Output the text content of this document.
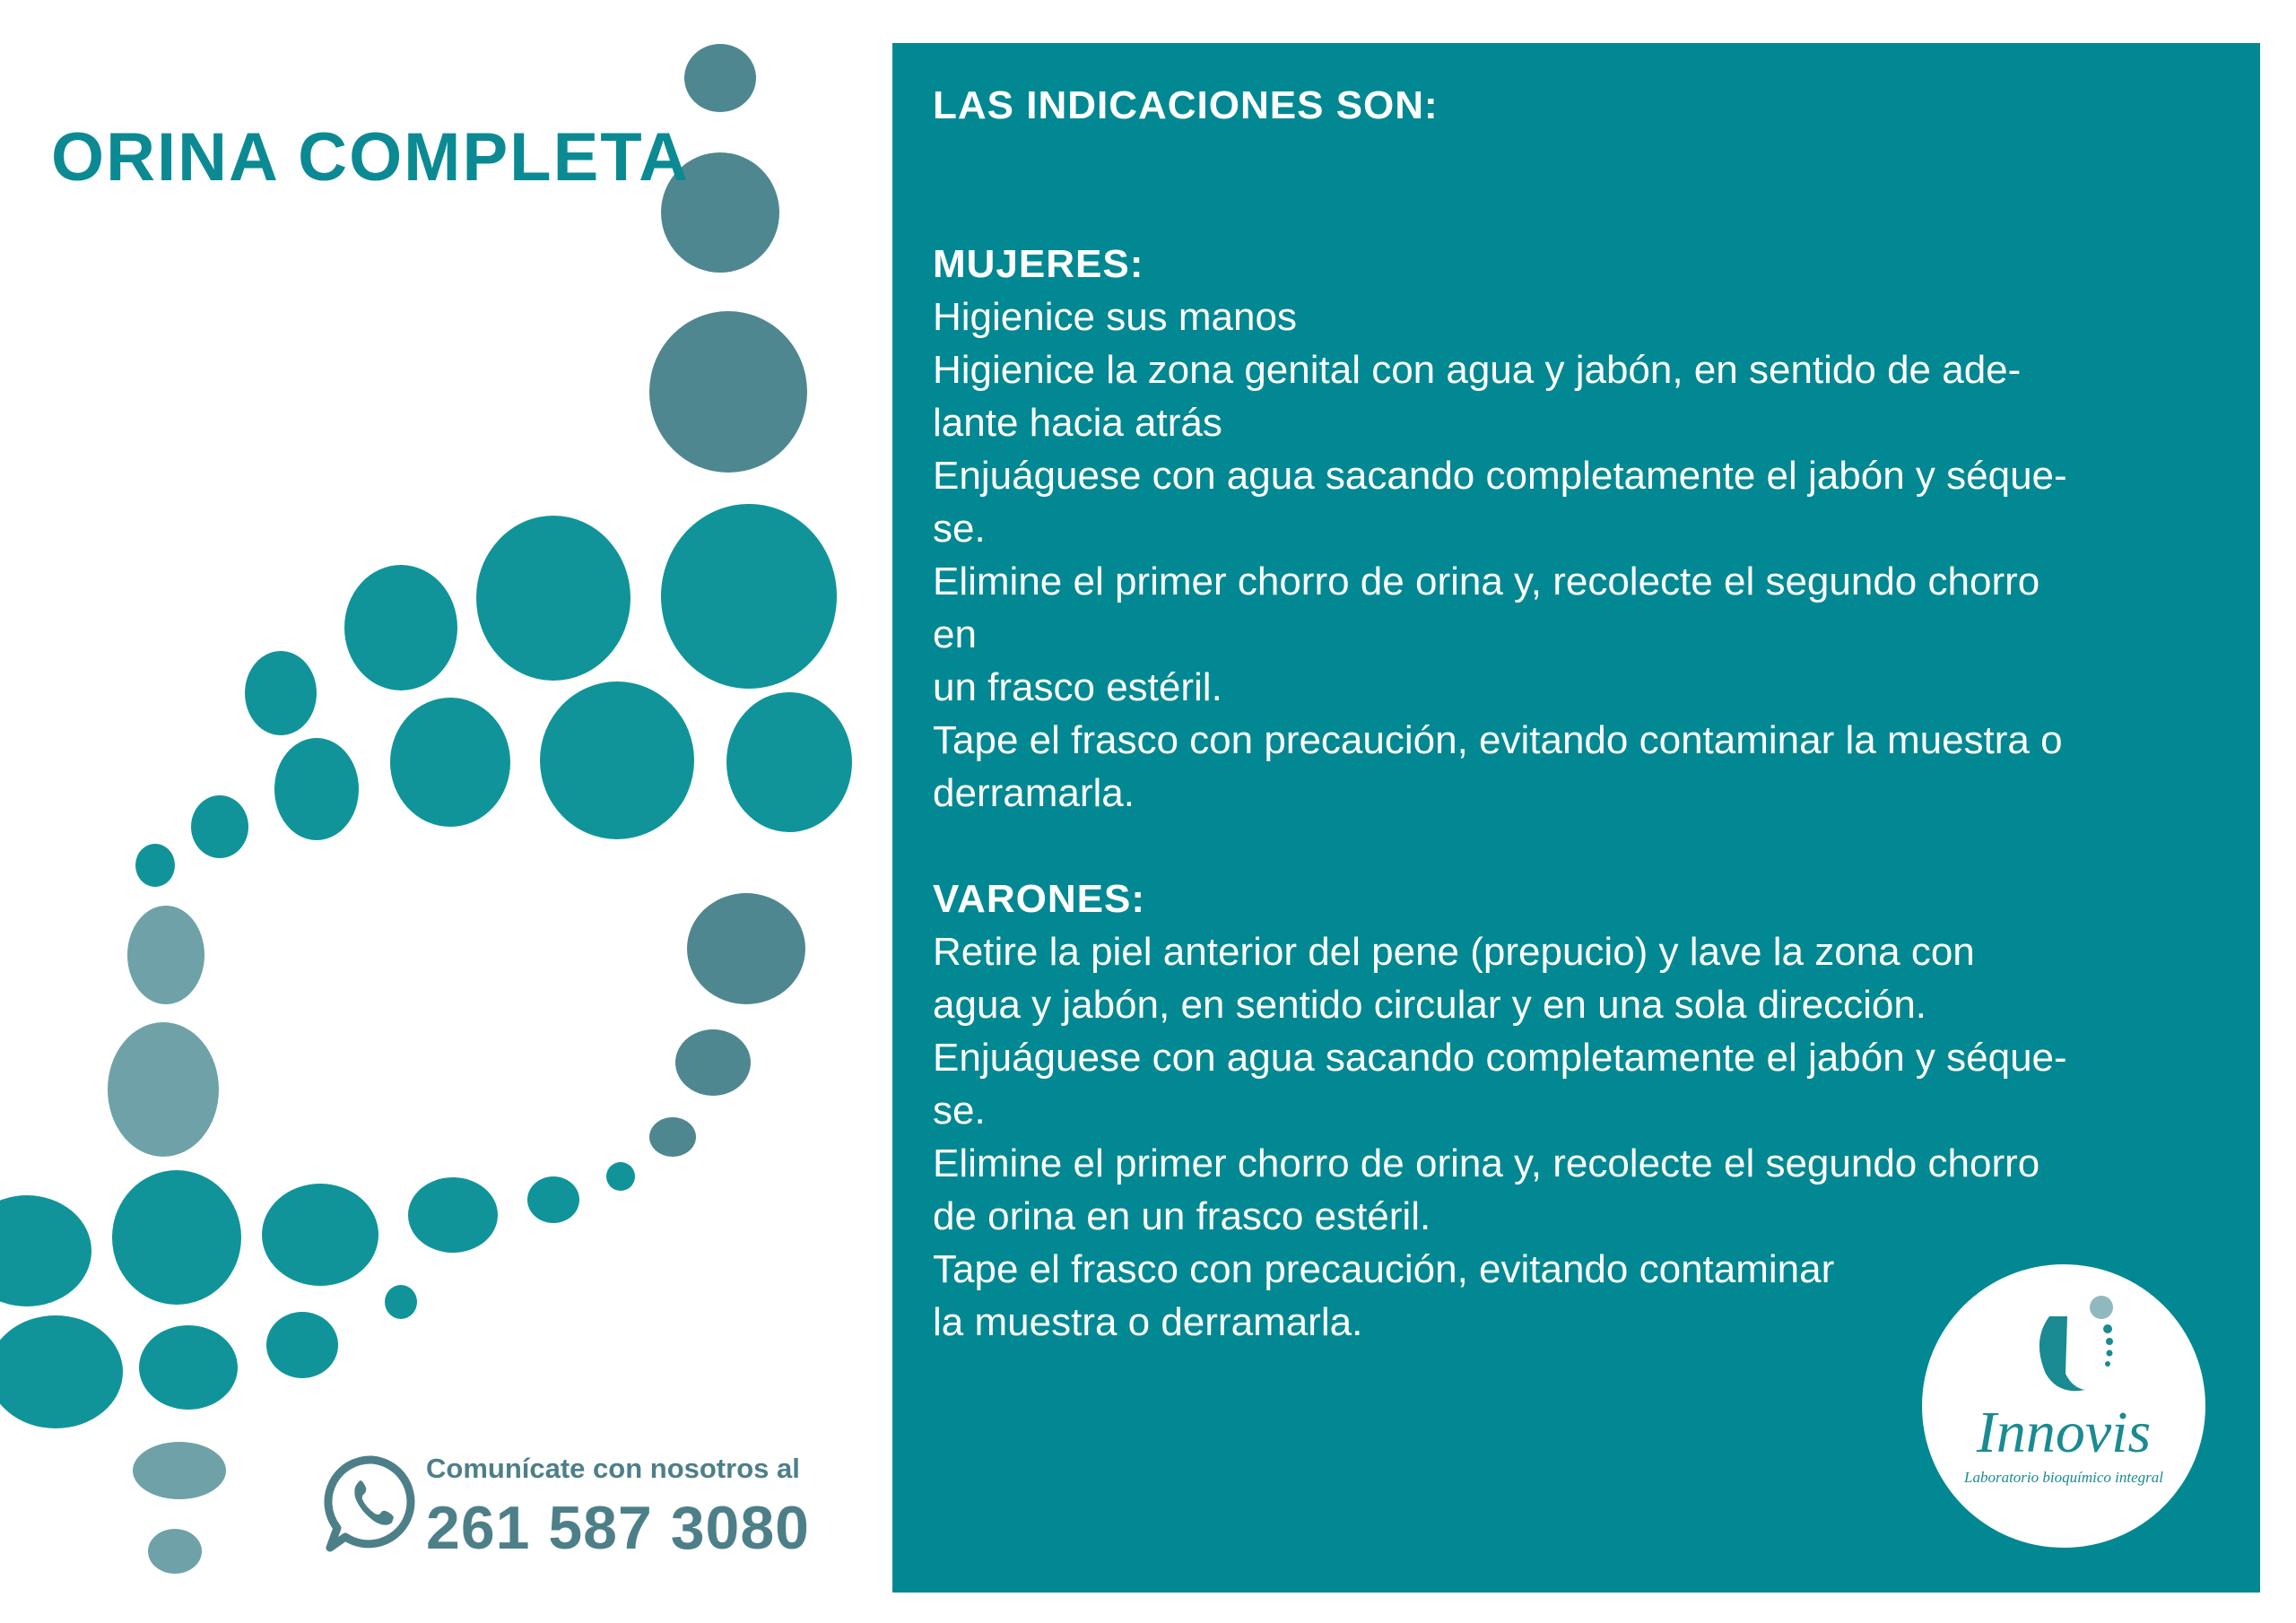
ORINA COMPLETA
Comunícate con nosotros al
261 587 3080

LAS INDICACIONES SON:

MUJERES:

Higienice sus manos

Higienice la zona genital con agua y jabón, en sentido de ade-

lante hacia atrás

Enjuáguese con agua sacando completamente el jabón y séque-

se.

Elimine el primer chorro de orina y, recolecte el segundo chorro

en

un frasco estéril.

Tape el frasco con precaución, evitando contaminar la muestra o

derramarla.

VARONES:

Retire la piel anterior del pene (prepucio) y lave la zona con

agua y jabón, en sentido circular y en una sola dirección.

Enjuáguese con agua sacando completamente el jabón y séque-

se.

Elimine el primer chorro de orina y, recolecte el segundo chorro

de orina en un frasco estéril.

Tape el frasco con precaución, evitando contaminar

la muestra o derramarla.

Innovis
Laboratorio bioquímico integral
